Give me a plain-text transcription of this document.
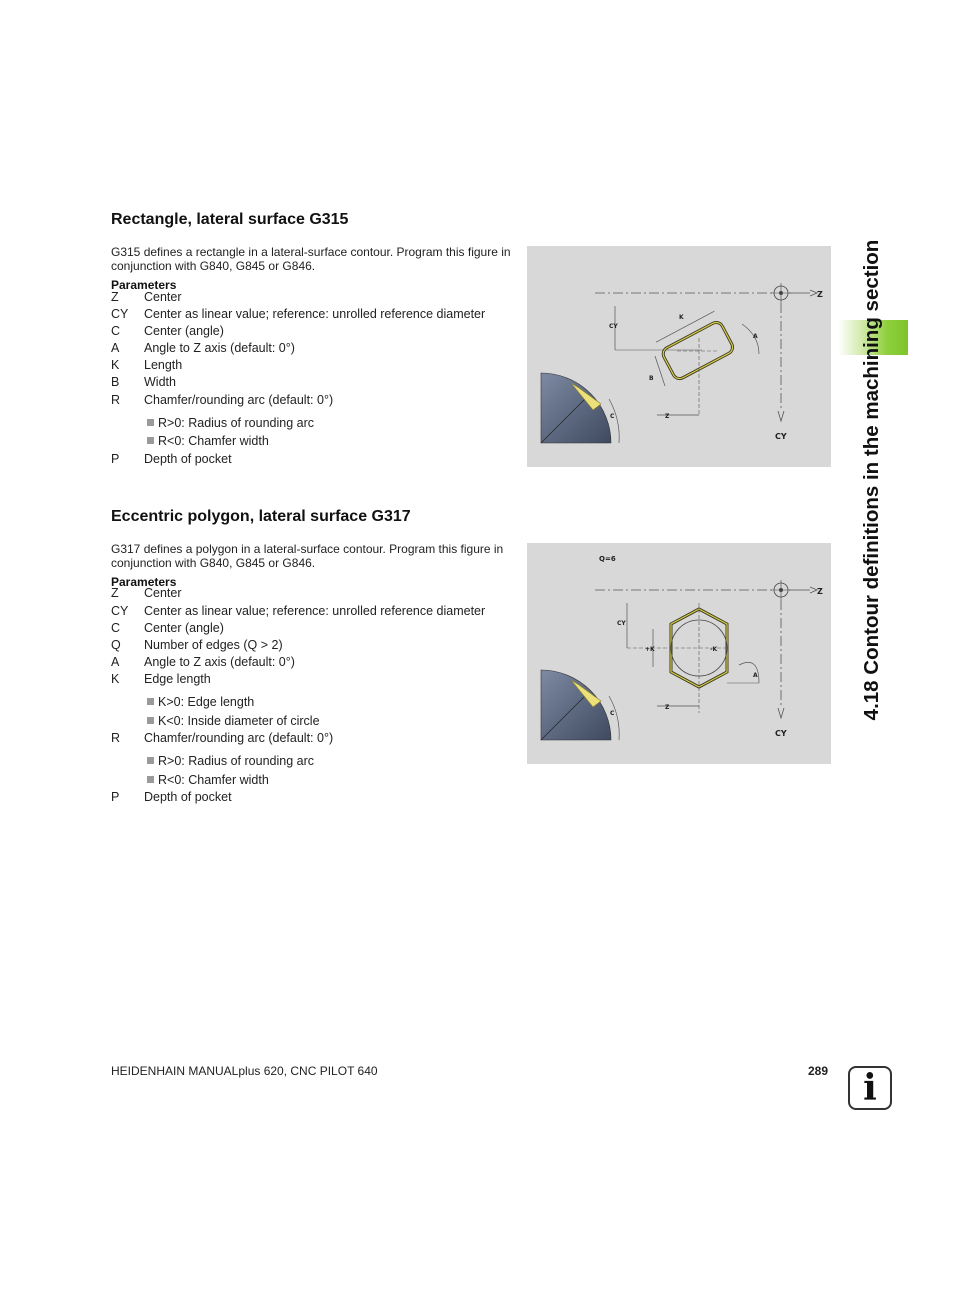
Rectangle, lateral surface G315
G315 defines a rectangle in a lateral-surface contour. Program this figure in conjunction with G840, G845 or G846.
Parameters
Z Center
CY Center as linear value; reference: unrolled reference diameter
C Center (angle)
A Angle to Z axis (default: 0°)
K Length
B Width
R Chamfer/rounding arc (default: 0°)
R>0: Radius of rounding arc
R<0: Chamfer width
P Depth of pocket
Z
CY
CY
K
A
B
Z
C
Eccentric polygon, lateral surface G317
G317 defines a polygon in a lateral-surface contour. Program this figure in conjunction with G840, G845 or G846.
Parameters
Z Center
CY Center as linear value; reference: unrolled reference diameter
C Center (angle)
Q Number of edges (Q > 2)
A Angle to Z axis (default: 0°)
K Edge length
K>0: Edge length
K<0: Inside diameter of circle
R Chamfer/rounding arc (default: 0°)
R>0: Radius of rounding arc
R<0: Chamfer width
P Depth of pocket
Q=6
Z
CY
CY
+K	-K
A
Z
C	4.18 Contour definitions in the machining section
HEIDENHAIN MANUALplus 620, CNC PILOT 640	289 i
